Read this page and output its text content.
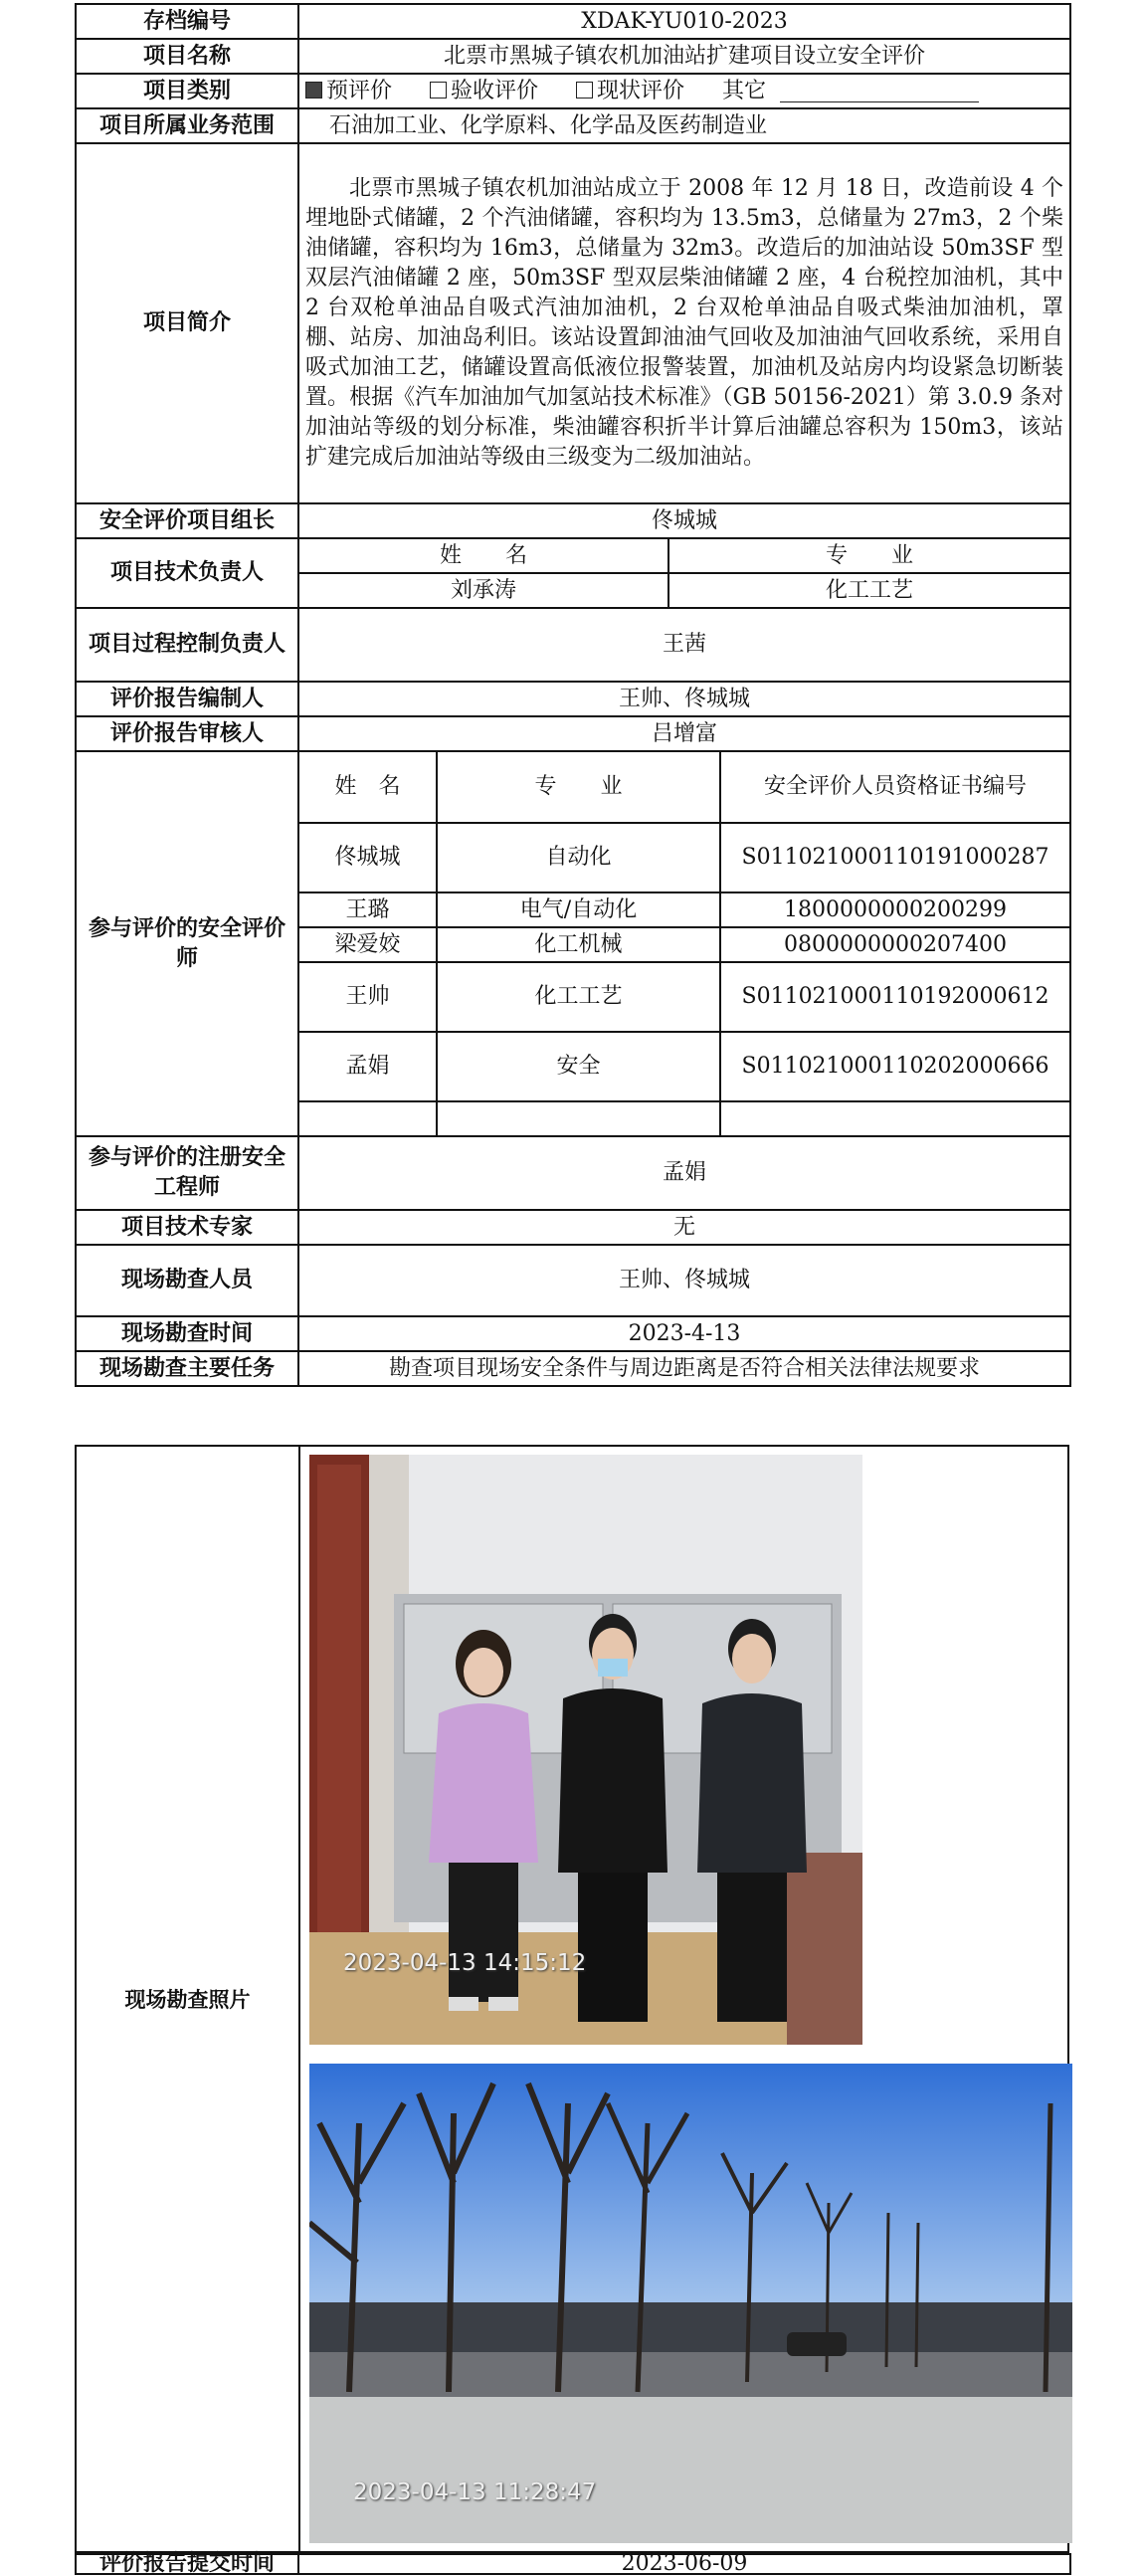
存档编号	XDAK-YU010-2023			
项目名称	北票市黑城子镇农机加油站扩建项目设立安全评价			
项目类别	预评价 验收评价 现状评价 其它			

项目所属业务范围	石油加工业、化学原料、化学品及医药制造业			
项目简介	北票市黑城子镇农机加油站成立于 2008 年 12 月 18 日，改造前设 4 个埋地卧式储罐，2 个汽油储罐，容积均为 13.5m3，总储量为 27m3，2 个柴油储罐，容积均为 16m3，总储量为 32m3。改造后的加油站设 50m3SF 型双层汽油储罐 2 座，50m3SF 型双层柴油储罐 2 座，4 台税控加油机，其中 2 台双枪单油品自吸式汽油加油机，2 台双枪单油品自吸式柴油加油机，罩棚、站房、加油岛利旧。该站设置卸油油气回收及加油油气回收系统，采用自吸式加油工艺，储罐设置高低液位报警装置，加油机及站房内均设紧急切断装置。根据《汽车加油加气加氢站技术标准》（GB 50156-2021）第 3.0.9 条对加油站等级的划分标准，柴油罐容积折半计算后油罐总容积为 150m3，该站扩建完成后加油站等级由三级变为二级加油站。			

安全评价项目组长	佟城城			
项目技术负责人	姓　　名		专　　业	
	刘承涛		化工工艺	
项目过程控制负责人	王茜			
评价报告编制人	王帅、佟城城			
评价报告审核人	吕增富			
参与评价的安全评价师	姓　名	专　　业		安全评价人员资格证书编号
	佟城城	自动化		S011021000110191000287
	王璐	电气/自动化		1800000000200299
	梁爱姣	化工机械		0800000000207400
	王帅	化工工艺		S011021000110192000612
	孟娟	安全		S011021000110202000666

参与评价的注册安全工程师	孟娟			
项目技术专家	无			
现场勘查人员	王帅、佟城城			
现场勘查时间	2023-4-13			
现场勘查主要任务	勘查项目现场安全条件与周边距离是否符合相关法律法规要求			
现场勘查照片
2023-04-13 14:15:12
2023-04-13 11:28:47
评价报告提交时间	2023-06-09
